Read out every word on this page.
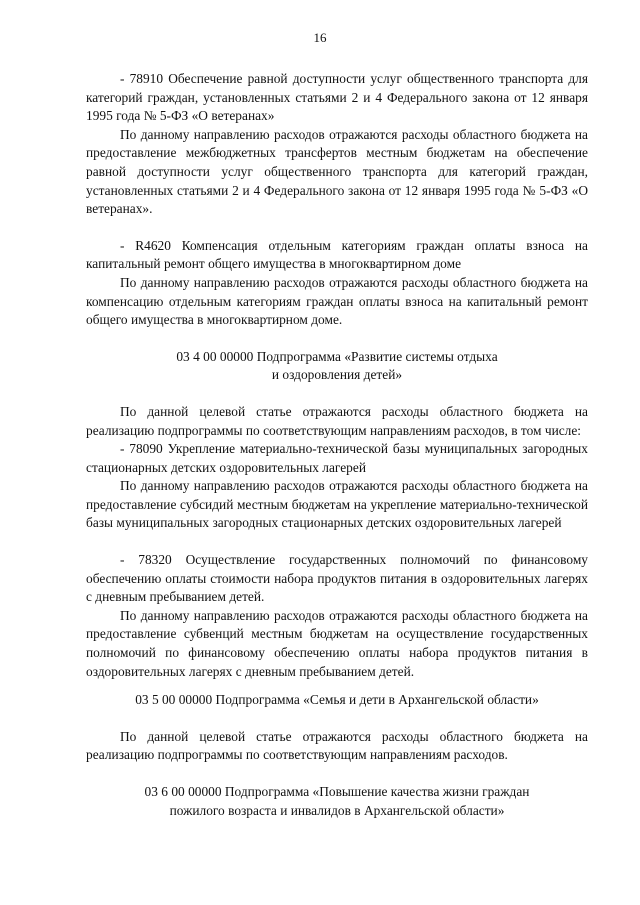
16

- 78910 Обеспечение равной доступности услуг общественного транспорта для категорий граждан, установленных статьями 2 и 4 Федерального закона от 12 января 1995 года № 5-ФЗ «О ветеранах»

По данному направлению расходов отражаются расходы областного бюджета на предоставление межбюджетных трансфертов местным бюджетам на обеспечение равной доступности услуг общественного транспорта для категорий граждан, установленных статьями 2 и 4 Федерального закона от 12 января 1995 года № 5-ФЗ «О ветеранах».

- R4620 Компенсация отдельным категориям граждан оплаты взноса на капитальный ремонт общего имущества в многоквартирном доме

По данному направлению расходов отражаются расходы областного бюджета на компенсацию отдельным категориям граждан оплаты взноса на капитальный ремонт общего имущества в многоквартирном доме.

03 4 00 00000 Подпрограмма «Развитие системы отдыха
и оздоровления детей»

По данной целевой статье отражаются расходы областного бюджета на реализацию подпрограммы по соответствующим направлениям расходов, в том числе:

- 78090 Укрепление материально-технической базы муниципальных загородных стационарных детских оздоровительных лагерей

По данному направлению расходов отражаются расходы областного бюджета на предоставление субсидий местным бюджетам на укрепление материально-технической базы муниципальных загородных стационарных детских оздоровительных лагерей

- 78320 Осуществление государственных полномочий по финансовому обеспечению оплаты стоимости набора продуктов питания в оздоровительных лагерях с дневным пребыванием детей.

По данному направлению расходов отражаются расходы областного бюджета на предоставление субвенций местным бюджетам на осуществление государственных полномочий по финансовому обеспечению оплаты набора продуктов питания в оздоровительных лагерях с дневным пребыванием детей.

03 5 00 00000 Подпрограмма «Семья и дети в Архангельской области»

По данной целевой статье отражаются расходы областного бюджета на реализацию подпрограммы по соответствующим направлениям расходов.

03 6 00 00000 Подпрограмма «Повышение качества жизни граждан
пожилого возраста и инвалидов в Архангельской области»
